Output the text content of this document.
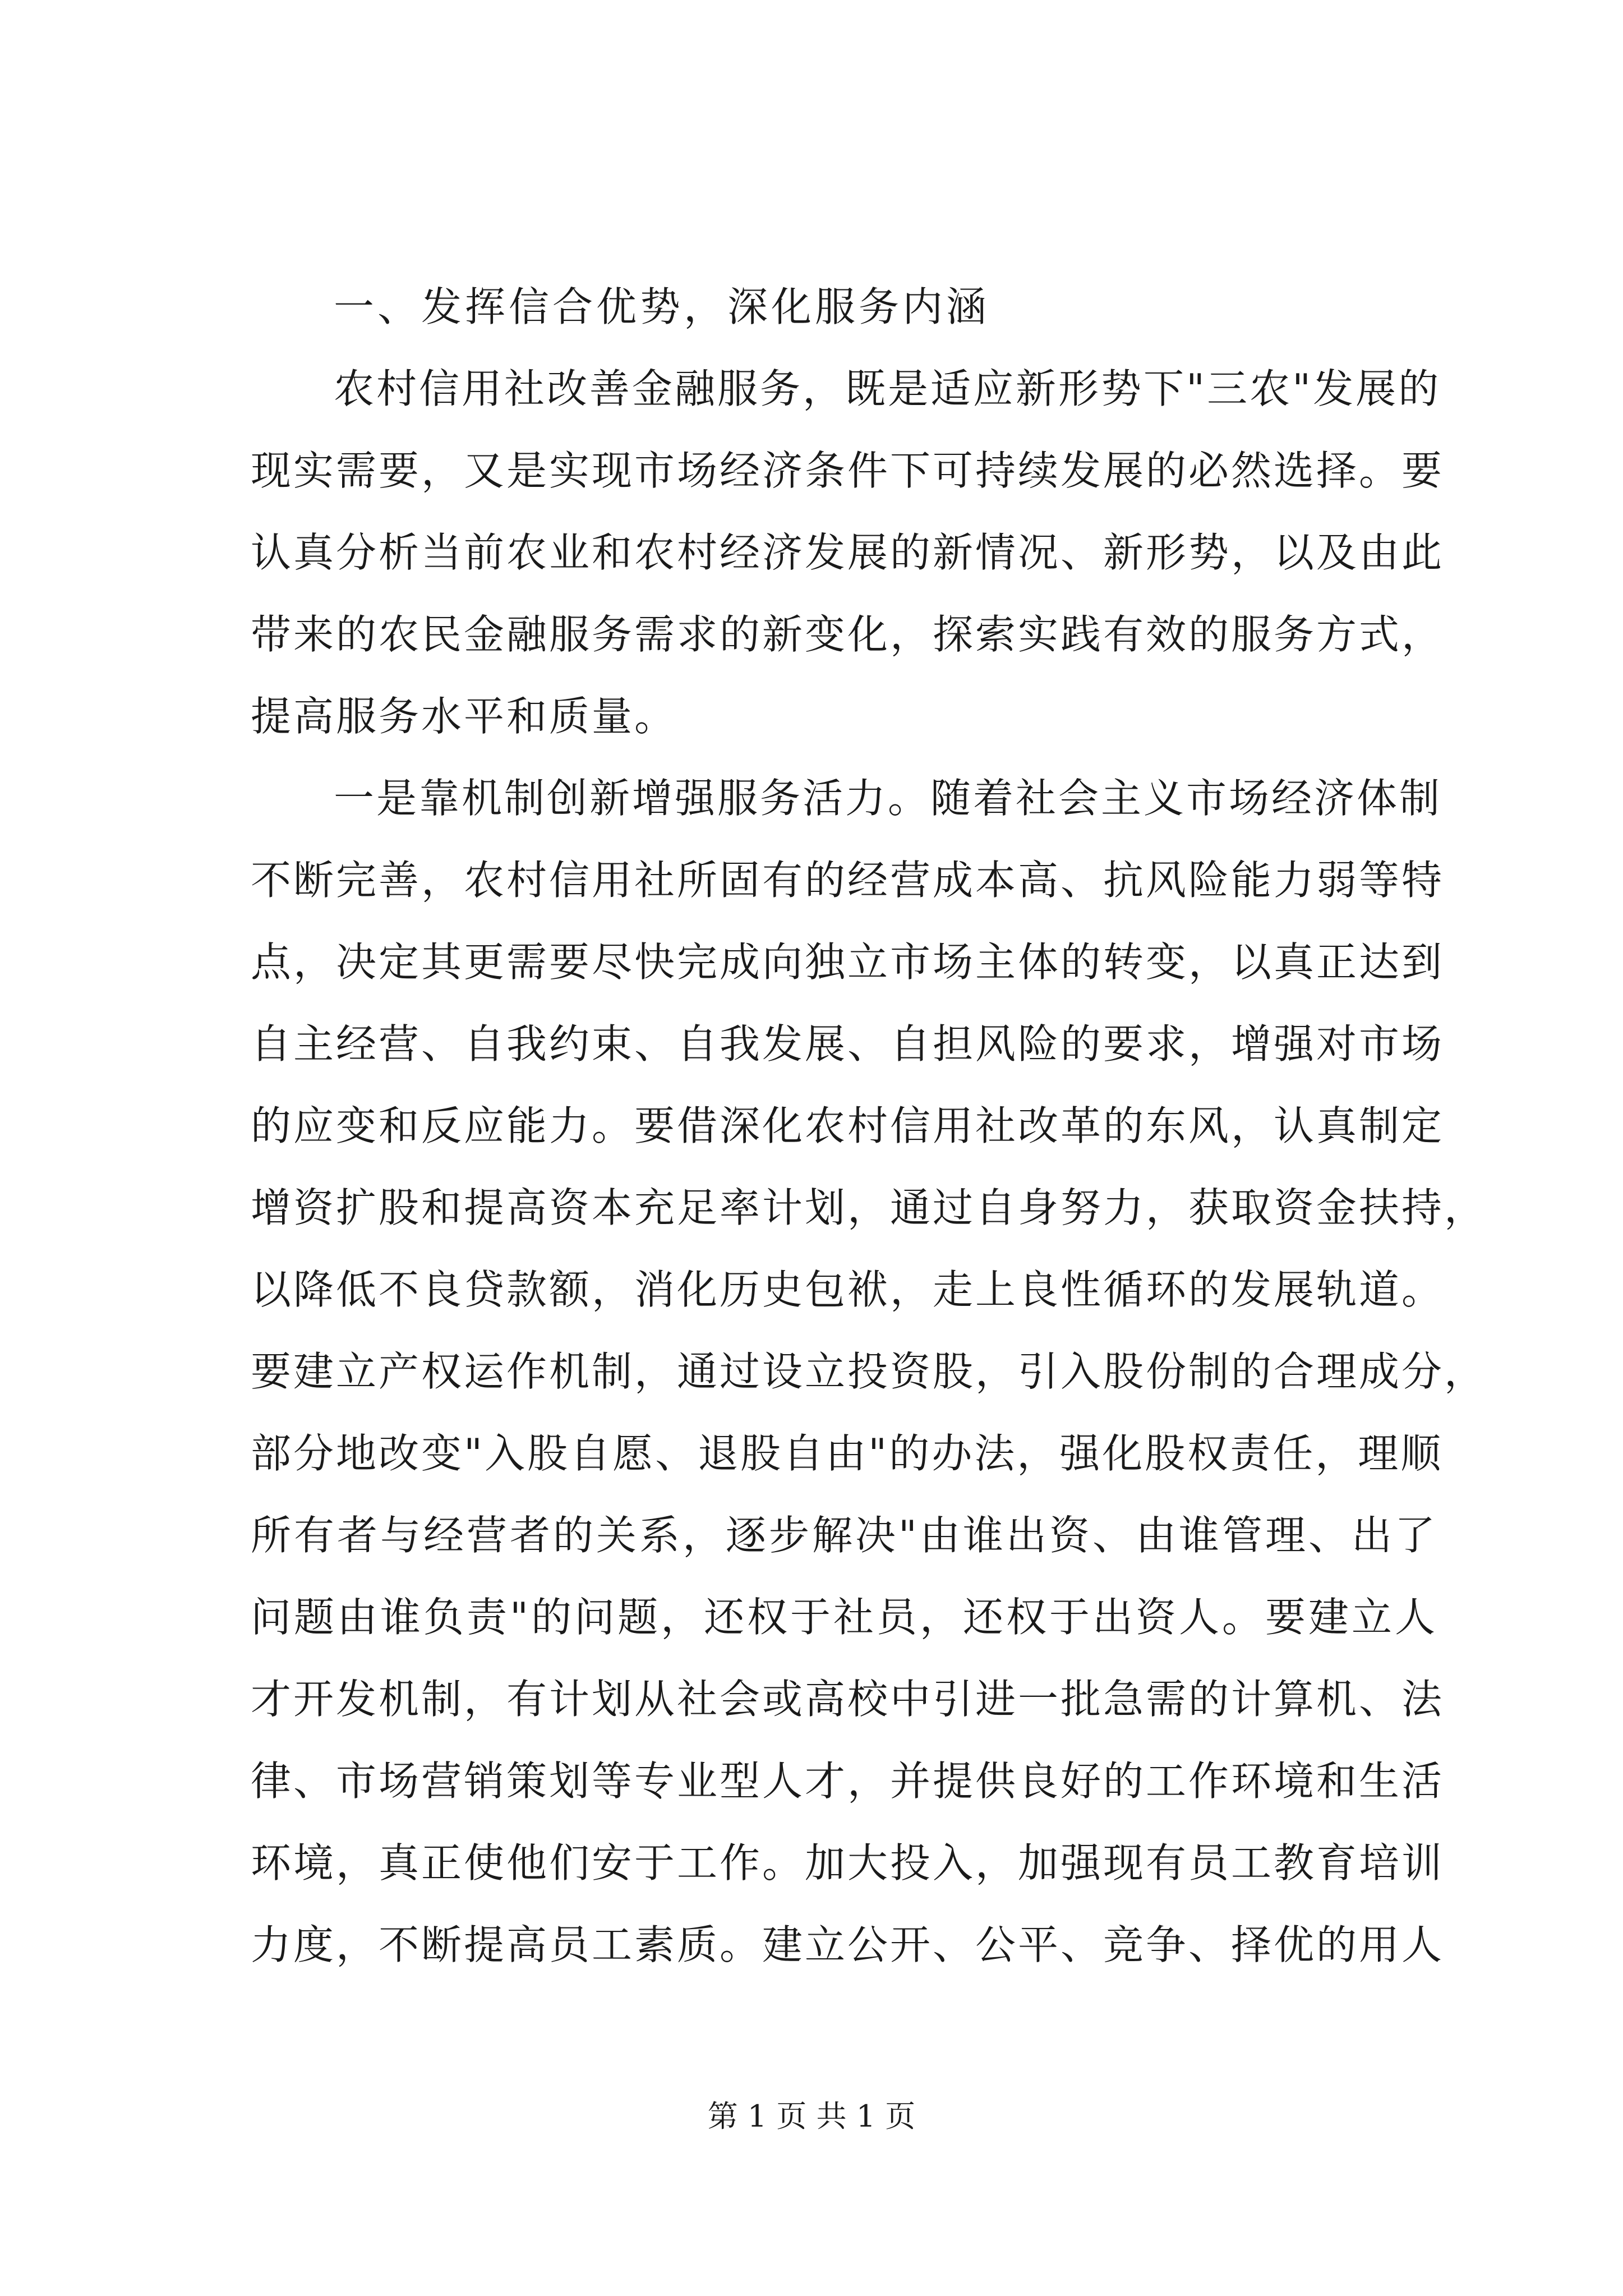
一、发挥信合优势，深化服务内涵
农村信用社改善金融服务，既是适应新形势下"三农"发展的
现实需要，又是实现市场经济条件下可持续发展的必然选择。要
认真分析当前农业和农村经济发展的新情况、新形势，以及由此
带来的农民金融服务需求的新变化，探索实践有效的服务方式，
提高服务水平和质量。
一是靠机制创新增强服务活力。随着社会主义市场经济体制
不断完善，农村信用社所固有的经营成本高、抗风险能力弱等特
点，决定其更需要尽快完成向独立市场主体的转变，以真正达到
自主经营、自我约束、自我发展、自担风险的要求，增强对市场
的应变和反应能力。要借深化农村信用社改革的东风，认真制定
增资扩股和提高资本充足率计划，通过自身努力，获取资金扶持，
以降低不良贷款额，消化历史包袱，走上良性循环的发展轨道。
要建立产权运作机制，通过设立投资股，引入股份制的合理成分，
部分地改变"入股自愿、退股自由"的办法，强化股权责任，理顺
所有者与经营者的关系，逐步解决"由谁出资、由谁管理、出了
问题由谁负责"的问题，还权于社员，还权于出资人。要建立人
才开发机制，有计划从社会或高校中引进一批急需的计算机、法
律、市场营销策划等专业型人才，并提供良好的工作环境和生活
环境，真正使他们安于工作。加大投入，加强现有员工教育培训
力度，不断提高员工素质。建立公开、公平、竞争、择优的用人
第 1 页 共 1 页
